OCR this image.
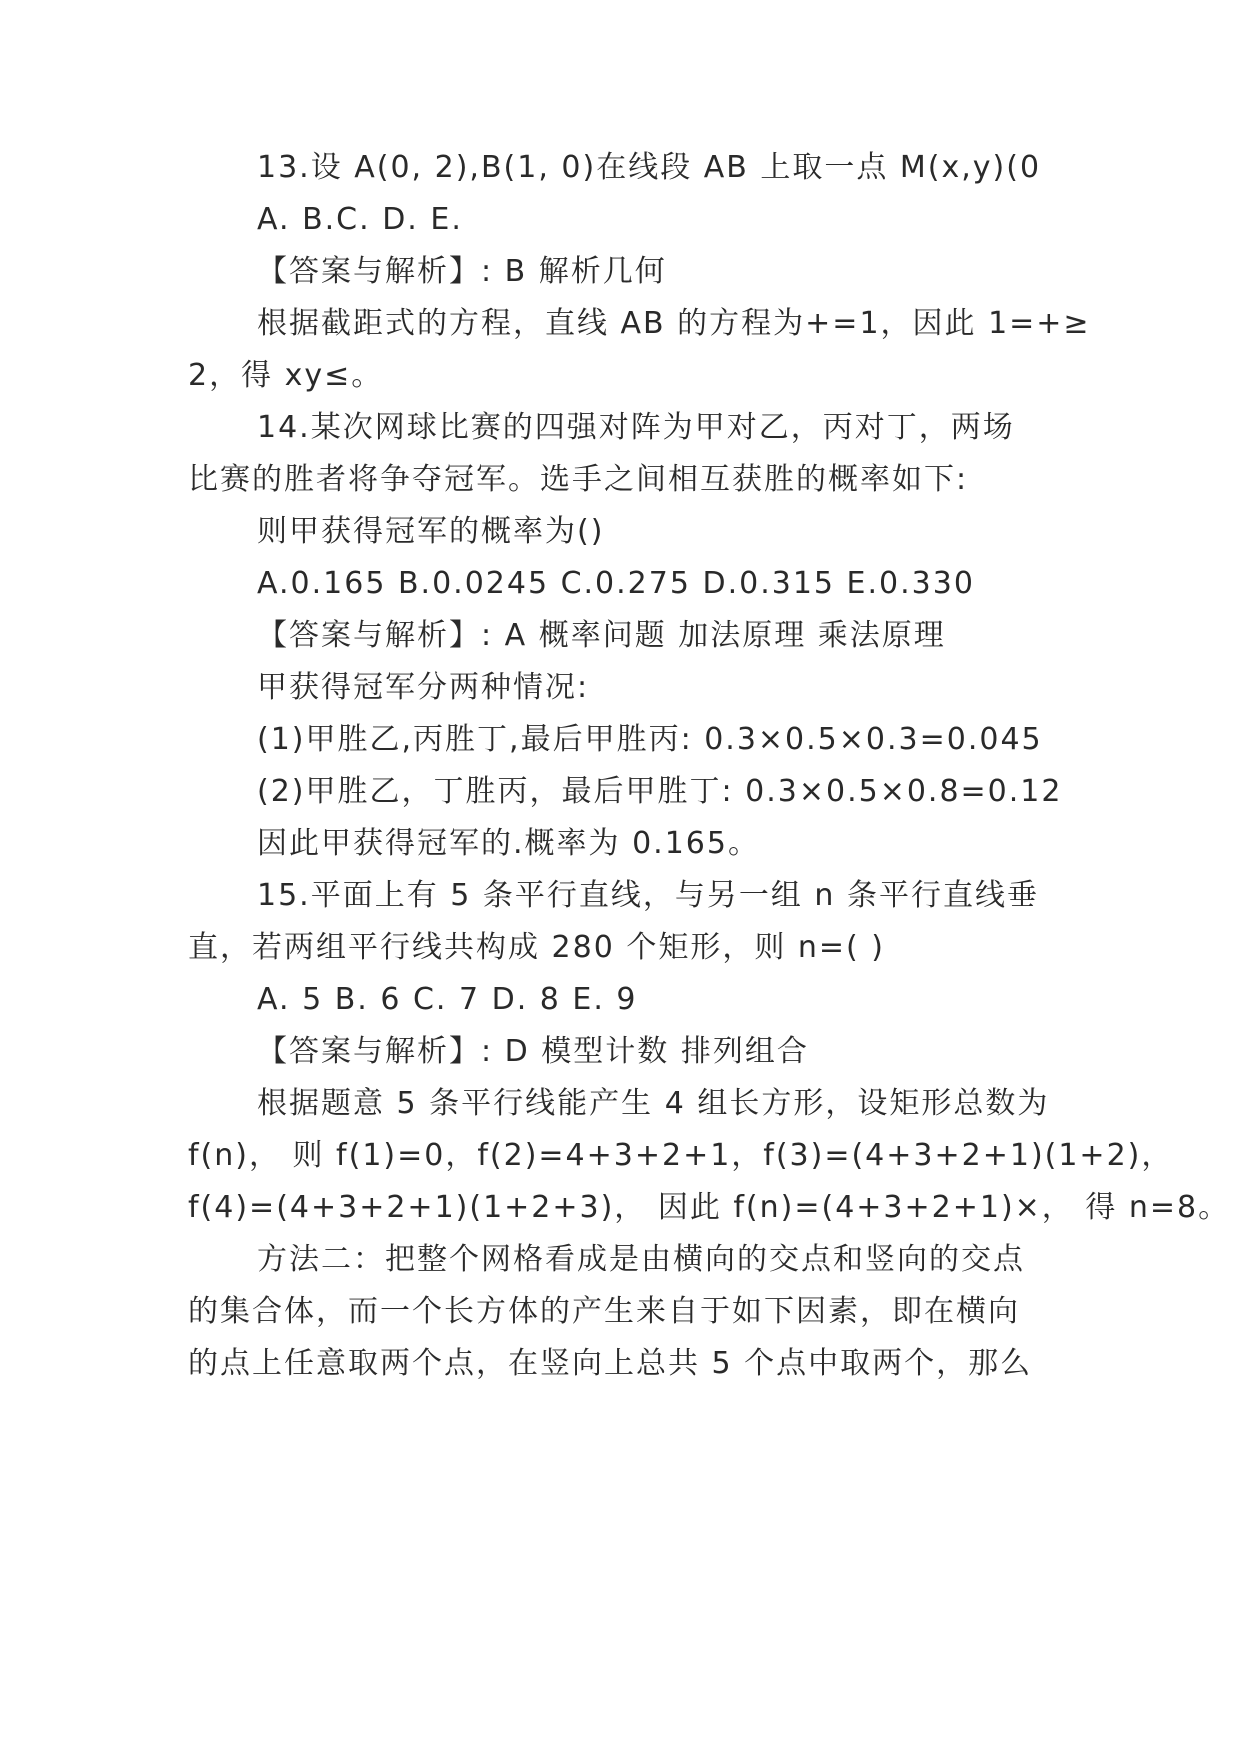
13.设 A(0, 2),B(1, 0)在线段 AB 上取一点 M(x,y)(0
A. B.C. D. E.
【答案与解析】: B 解析几何
根据截距式的方程，直线 AB 的方程为+=1，因此 1=+≥
2，得 xy≤。
14.某次网球比赛的四强对阵为甲对乙，丙对丁，两场
比赛的胜者将争夺冠军。选手之间相互获胜的概率如下:
则甲获得冠军的概率为()
A.0.165 B.0.0245 C.0.275 D.0.315 E.0.330
【答案与解析】: A 概率问题 加法原理 乘法原理
甲获得冠军分两种情况:
(1)甲胜乙,丙胜丁,最后甲胜丙: 0.3×0.5×0.3=0.045
(2)甲胜乙，丁胜丙，最后甲胜丁: 0.3×0.5×0.8=0.12
因此甲获得冠军的.概率为 0.165。
15.平面上有 5 条平行直线，与另一组 n 条平行直线垂
直，若两组平行线共构成 280 个矩形，则 n=( )
A. 5 B. 6 C. 7 D. 8 E. 9
【答案与解析】: D 模型计数 排列组合
根据题意 5 条平行线能产生 4 组长方形，设矩形总数为
f(n)， 则 f(1)=0，f(2)=4+3+2+1，f(3)=(4+3+2+1)(1+2)，
f(4)=(4+3+2+1)(1+2+3)， 因此 f(n)=(4+3+2+1)×， 得 n=8。
方法二：把整个网格看成是由横向的交点和竖向的交点
的集合体，而一个长方体的产生来自于如下因素，即在横向
的点上任意取两个点，在竖向上总共 5 个点中取两个，那么
